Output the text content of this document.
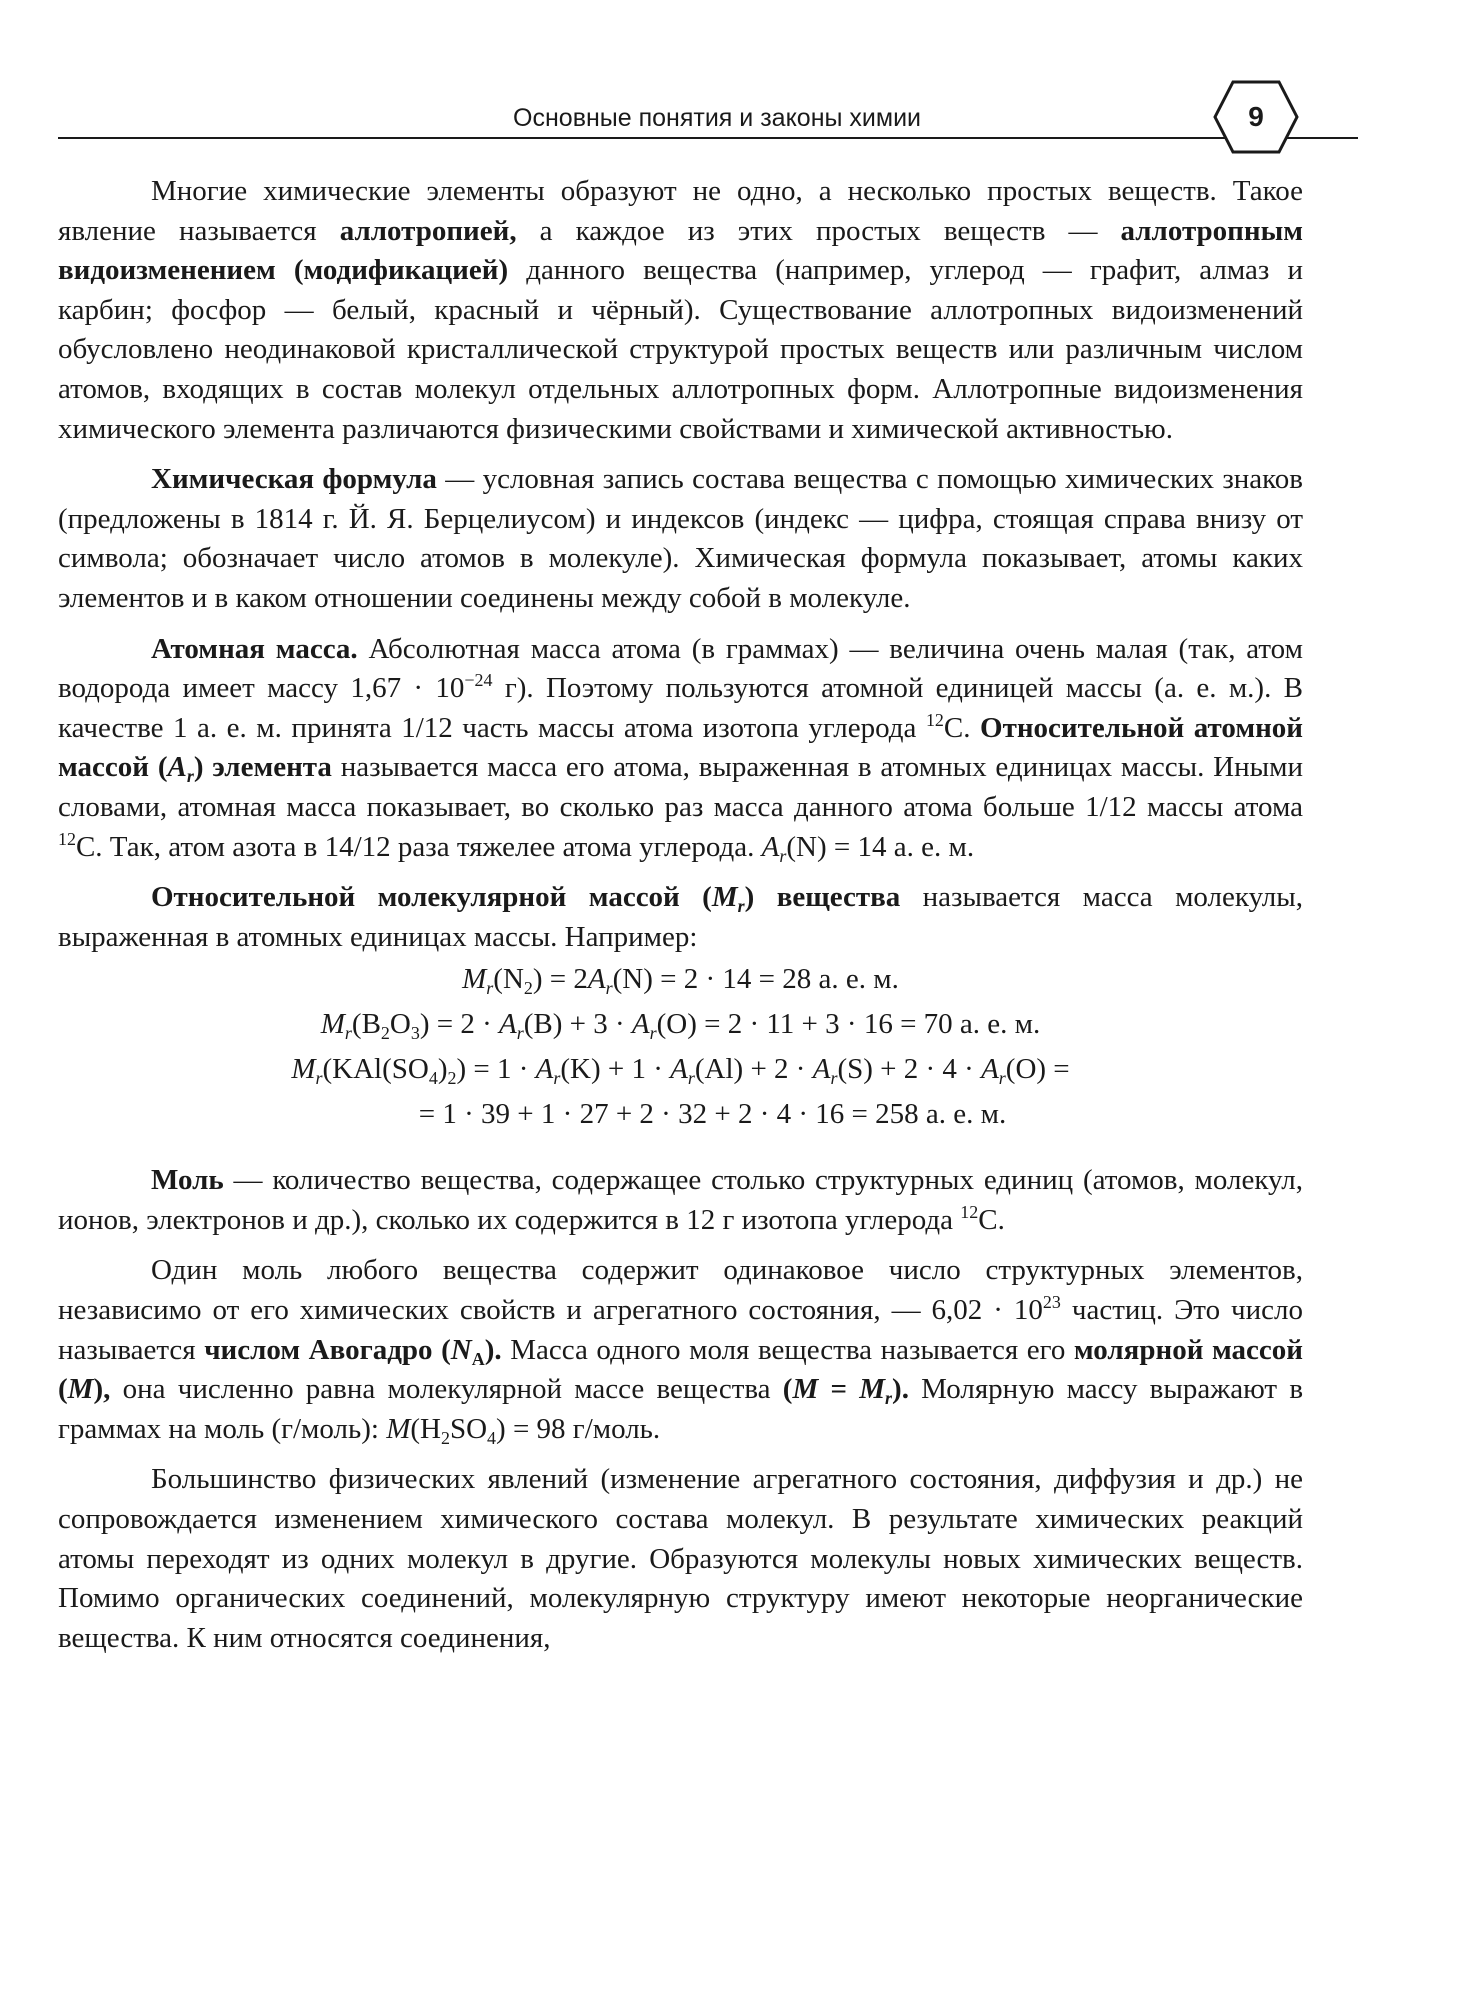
Основные понятия и законы химии	9

Многие химические элементы образуют не одно, а несколько простых веществ. Такое явление называется аллотропией, а каждое из этих простых веществ — аллотропным видоизменением (модификацией) данного вещества (например, углерод — графит, алмаз и карбин; фосфор — белый, красный и чёрный). Существование аллотропных видоизменений обусловлено неодинаковой кристаллической структурой простых веществ или различным числом атомов, входящих в состав молекул отдельных аллотропных форм. Аллотропные видоизменения химического элемента различаются физическими свойствами и химической активностью.

Химическая формула — условная запись состава вещества с помощью химических знаков (предложены в 1814 г. Й. Я. Берцелиусом) и индексов (индекс — цифра, стоящая справа внизу от символа; обозначает число атомов в молекуле). Химическая формула показывает, атомы каких элементов и в каком отношении соединены между собой в молекуле.

Атомная масса. Абсолютная масса атома (в граммах) — величина очень малая (так, атом водорода имеет массу $1,67 \cdot 10^{-24}$ г). Поэтому пользуются атомной единицей массы (а. е. м.). В качестве 1 а. е. м. принята 1/12 часть массы атома изотопа углерода $^{12}$C. Относительной атомной массой $(A_r)$ элемента называется масса его атома, выраженная в атомных единицах массы. Иными словами, атомная масса показывает, во сколько раз масса данного атома больше 1/12 массы атома $^{12}$C. Так, атом азота в 14/12 раза тяжелее атома углерода. $A_r(N) = 14$ а. е. м.

Относительной молекулярной массой $(M_r)$ вещества называется масса молекулы, выраженная в атомных единицах массы. Например:

$M_r(N_2) = 2A_r(N) = 2 \cdot 14 = 28$ а. е. м.
$M_r(B_2O_3) = 2 \cdot A_r(B) + 3 \cdot A_r(O) = 2 \cdot 11 + 3 \cdot 16 = 70$ а. е. м.
$M_r(KAl(SO_4)_2) = 1 \cdot A_r(K) + 1 \cdot A_r(Al) + 2 \cdot A_r(S) + 2 \cdot 4 \cdot A_r(O)$ =
= 1 · 39 + 1 · 27 + 2 · 32 + 2 · 4 · 16 = 258 а. е. м.

Моль — количество вещества, содержащее столько структурных единиц (атомов, молекул, ионов, электронов и др.), сколько их содержится в 12 г изотопа углерода $^{12}$C.

Один моль любого вещества содержит одинаковое число структурных элементов, независимо от его химических свойств и агрегатного состояния, — $6,02 \cdot 10^{23}$ частиц. Это число называется числом Авогадро $(N_A)$. Масса одного моля вещества называется его молярной массой (M), она численно равна молекулярной массе вещества $(M = M_r)$. Молярную массу выражают в граммах на моль (г/моль): $M(H_2SO_4) = 98$ г/моль.

Большинство физических явлений (изменение агрегатного состояния, диффузия и др.) не сопровождается изменением химического состава молекул. В результате химических реакций атомы переходят из одних молекул в другие. Образуются молекулы новых химических веществ. Помимо органических соединений, молекулярную структуру имеют некоторые неорганические вещества. К ним относятся соединения,
